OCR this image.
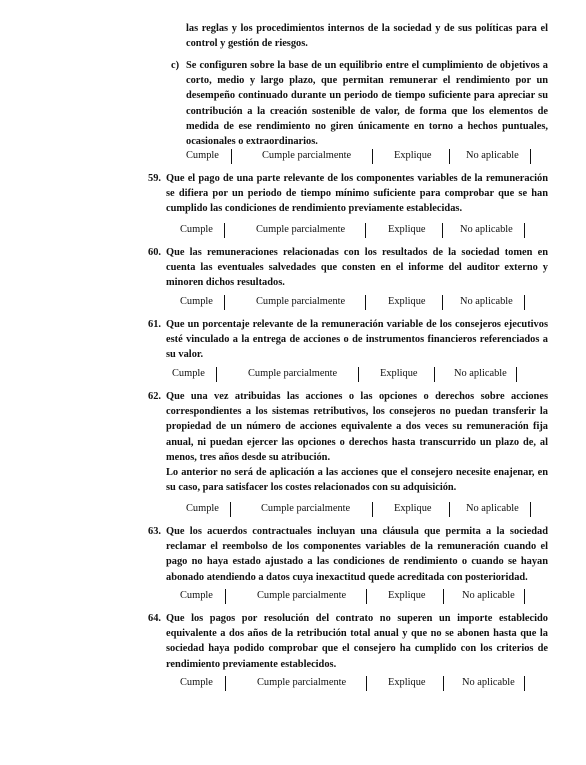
las reglas y los procedimientos internos de la sociedad y de sus políticas para el control y gestión de riesgos.

c) Se configuren sobre la base de un equilibrio entre el cumplimiento de objetivos a corto, medio y largo plazo, que permitan remunerar el rendimiento por un desempeño continuado durante un periodo de tiempo suficiente para apreciar su contribución a la creación sostenible de valor, de forma que los elementos de medida de ese rendimiento no giren únicamente en torno a hechos puntuales, ocasionales o extraordinarios.

Cumple	Cumple parcialmente	Explique	No aplicable
59. Que el pago de una parte relevante de los componentes variables de la remuneración se difiera por un periodo de tiempo mínimo suficiente para comprobar que se han cumplido las condiciones de rendimiento previamente establecidas.

Cumple	Cumple parcialmente	Explique	No aplicable
60. Que las remuneraciones relacionadas con los resultados de la sociedad tomen en cuenta las eventuales salvedades que consten en el informe del auditor externo y minoren dichos resultados.

Cumple	Cumple parcialmente	Explique	No aplicable
61. Que un porcentaje relevante de la remuneración variable de los consejeros ejecutivos esté vinculado a la entrega de acciones o de instrumentos financieros referenciados a su valor.

Cumple	Cumple parcialmente	Explique	No aplicable
62. Que una vez atribuidas las acciones o las opciones o derechos sobre acciones correspondientes a los sistemas retributivos, los consejeros no puedan transferir la propiedad de un número de acciones equivalente a dos veces su remuneración fija anual, ni puedan ejercer las opciones o derechos hasta transcurrido un plazo de, al menos, tres años desde su atribución.

Lo anterior no será de aplicación a las acciones que el consejero necesite enajenar, en su caso, para satisfacer los costes relacionados con su adquisición.

Cumple	Cumple parcialmente	Explique	No aplicable
63. Que los acuerdos contractuales incluyan una cláusula que permita a la sociedad reclamar el reembolso de los componentes variables de la remuneración cuando el pago no haya estado ajustado a las condiciones de rendimiento o cuando se hayan abonado atendiendo a datos cuya inexactitud quede acreditada con posterioridad.

Cumple	Cumple parcialmente	Explique	No aplicable
64. Que los pagos por resolución del contrato no superen un importe establecido equivalente a dos años de la retribución total anual y que no se abonen hasta que la sociedad haya podido comprobar que el consejero ha cumplido con los criterios de rendimiento previamente establecidos.

Cumple	Cumple parcialmente	Explique	No aplicable
